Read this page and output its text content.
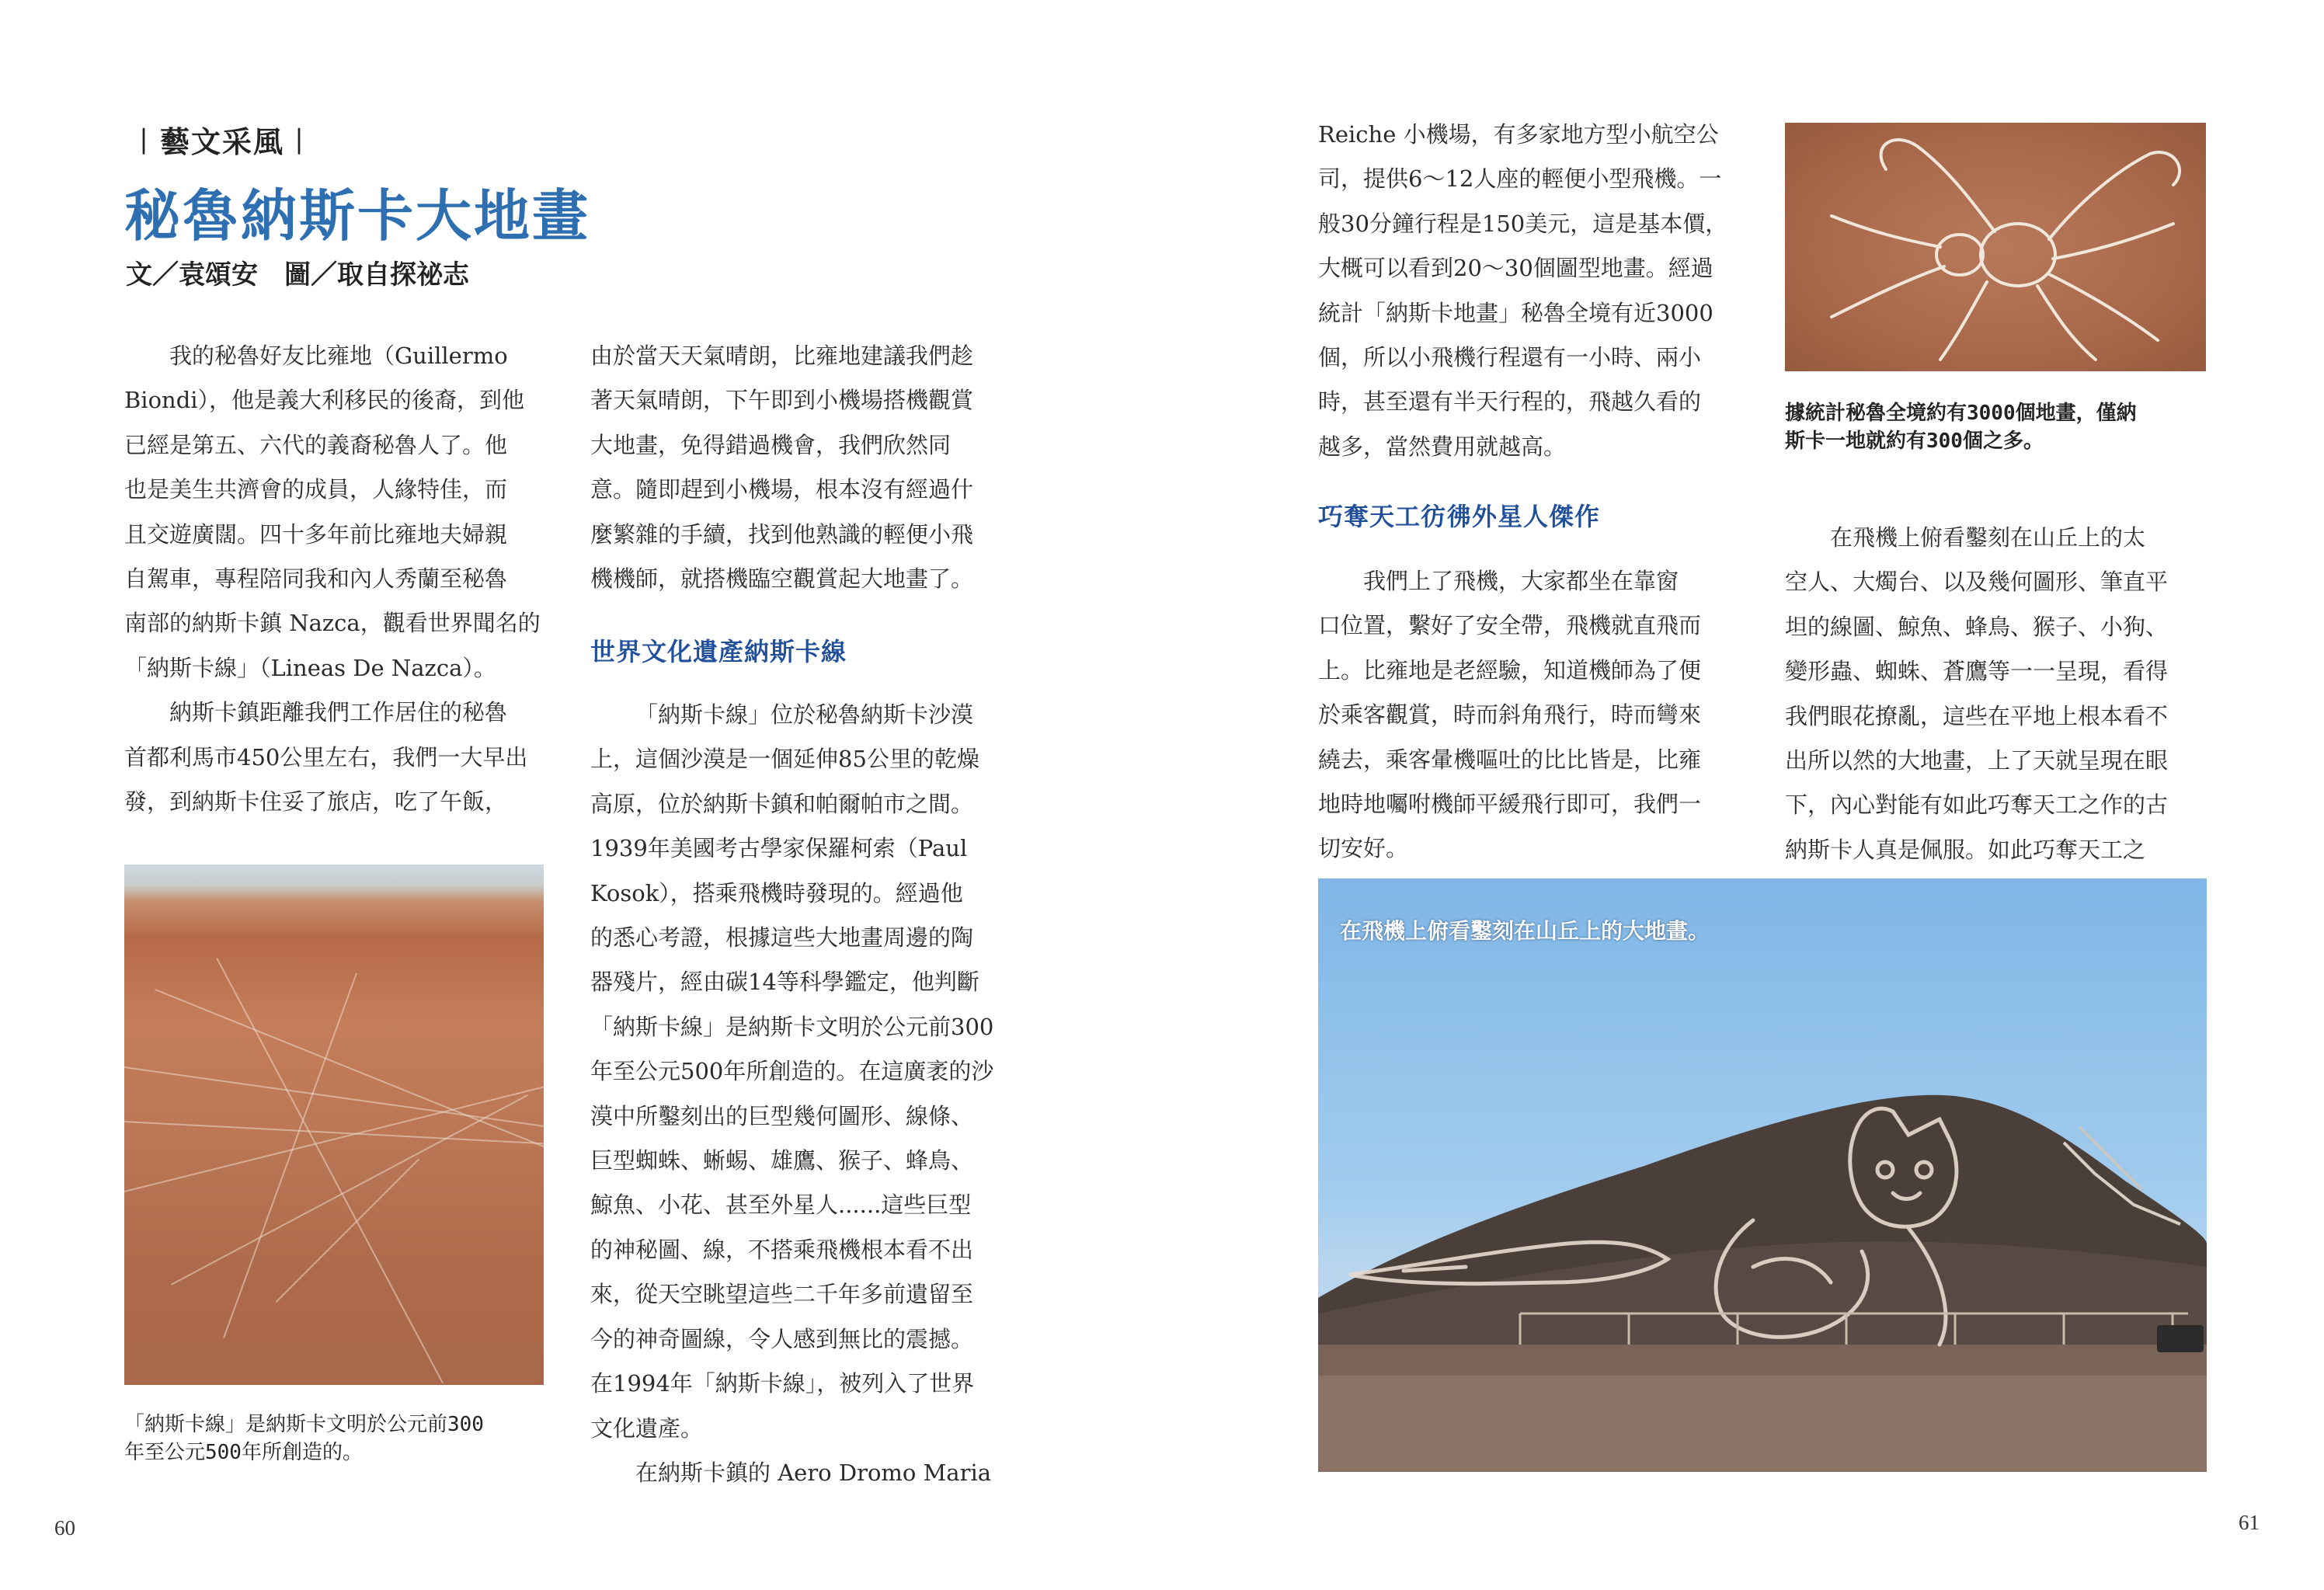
︱藝文采風︱
秘魯納斯卡大地畫
文／袁頌安　圖／取自探祕志

我的秘魯好友比雍地（Guillermo

Biondi），他是義大利移民的後裔，到他

已經是第五、六代的義裔秘魯人了。他

也是美生共濟會的成員，人緣特佳，而

且交遊廣闊。四十多年前比雍地夫婦親

自駕車，專程陪同我和內人秀蘭至秘魯

南部的納斯卡鎮 Nazca，觀看世界聞名的

「納斯卡線」（Lineas De Nazca）。

納斯卡鎮距離我們工作居住的秘魯

首都利馬市450公里左右，我們一大早出

發，到納斯卡住妥了旅店，吃了午飯，

「納斯卡線」是納斯卡文明於公元前300
年至公元500年所創造的。

由於當天天氣晴朗，比雍地建議我們趁

著天氣晴朗，下午即到小機場搭機觀賞

大地畫，免得錯過機會，我們欣然同

意。隨即趕到小機場，根本沒有經過什

麼繁雜的手續，找到他熟識的輕便小飛

機機師，就搭機臨空觀賞起大地畫了。

世界文化遺產納斯卡線

「納斯卡線」位於秘魯納斯卡沙漠

上，這個沙漠是一個延伸85公里的乾燥

高原，位於納斯卡鎮和帕爾帕市之間。

1939年美國考古學家保羅柯索（Paul

Kosok），搭乘飛機時發現的。經過他

的悉心考證，根據這些大地畫周邊的陶

器殘片，經由碳14等科學鑑定，他判斷

「納斯卡線」是納斯卡文明於公元前300

年至公元500年所創造的。在這廣袤的沙

漠中所鑿刻出的巨型幾何圖形、線條、

巨型蜘蛛、蜥蜴、雄鷹、猴子、蜂鳥、

鯨魚、小花、甚至外星人......這些巨型

的神秘圖、線，不搭乘飛機根本看不出

來，從天空眺望這些二千年多前遺留至

今的神奇圖線，令人感到無比的震撼。

在1994年「納斯卡線」，被列入了世界

文化遺產。

在納斯卡鎮的 Aero Dromo Maria

Reiche 小機場，有多家地方型小航空公

司，提供6～12人座的輕便小型飛機。一

般30分鐘行程是150美元，這是基本價，

大概可以看到20～30個圖型地畫。經過

統計「納斯卡地畫」秘魯全境有近3000

個，所以小飛機行程還有一小時、兩小

時，甚至還有半天行程的，飛越久看的

越多，當然費用就越高。

巧奪天工彷彿外星人傑作

我們上了飛機，大家都坐在靠窗

口位置，繫好了安全帶，飛機就直飛而

上。比雍地是老經驗，知道機師為了便

於乘客觀賞，時而斜角飛行，時而彎來

繞去，乘客暈機嘔吐的比比皆是，比雍

地時地囑咐機師平緩飛行即可，我們一

切安好。

據統計秘魯全境約有3000個地畫，僅納
斯卡一地就約有300個之多。

在飛機上俯看鑿刻在山丘上的太

空人、大燭台、以及幾何圖形、筆直平

坦的線圖、鯨魚、蜂鳥、猴子、小狗、

變形蟲、蜘蛛、蒼鷹等一一呈現，看得

我們眼花撩亂，這些在平地上根本看不

出所以然的大地畫，上了天就呈現在眼

下，內心對能有如此巧奪天工之作的古

納斯卡人真是佩服。如此巧奪天工之

在飛機上俯看鑿刻在山丘上的大地畫。
60	61
